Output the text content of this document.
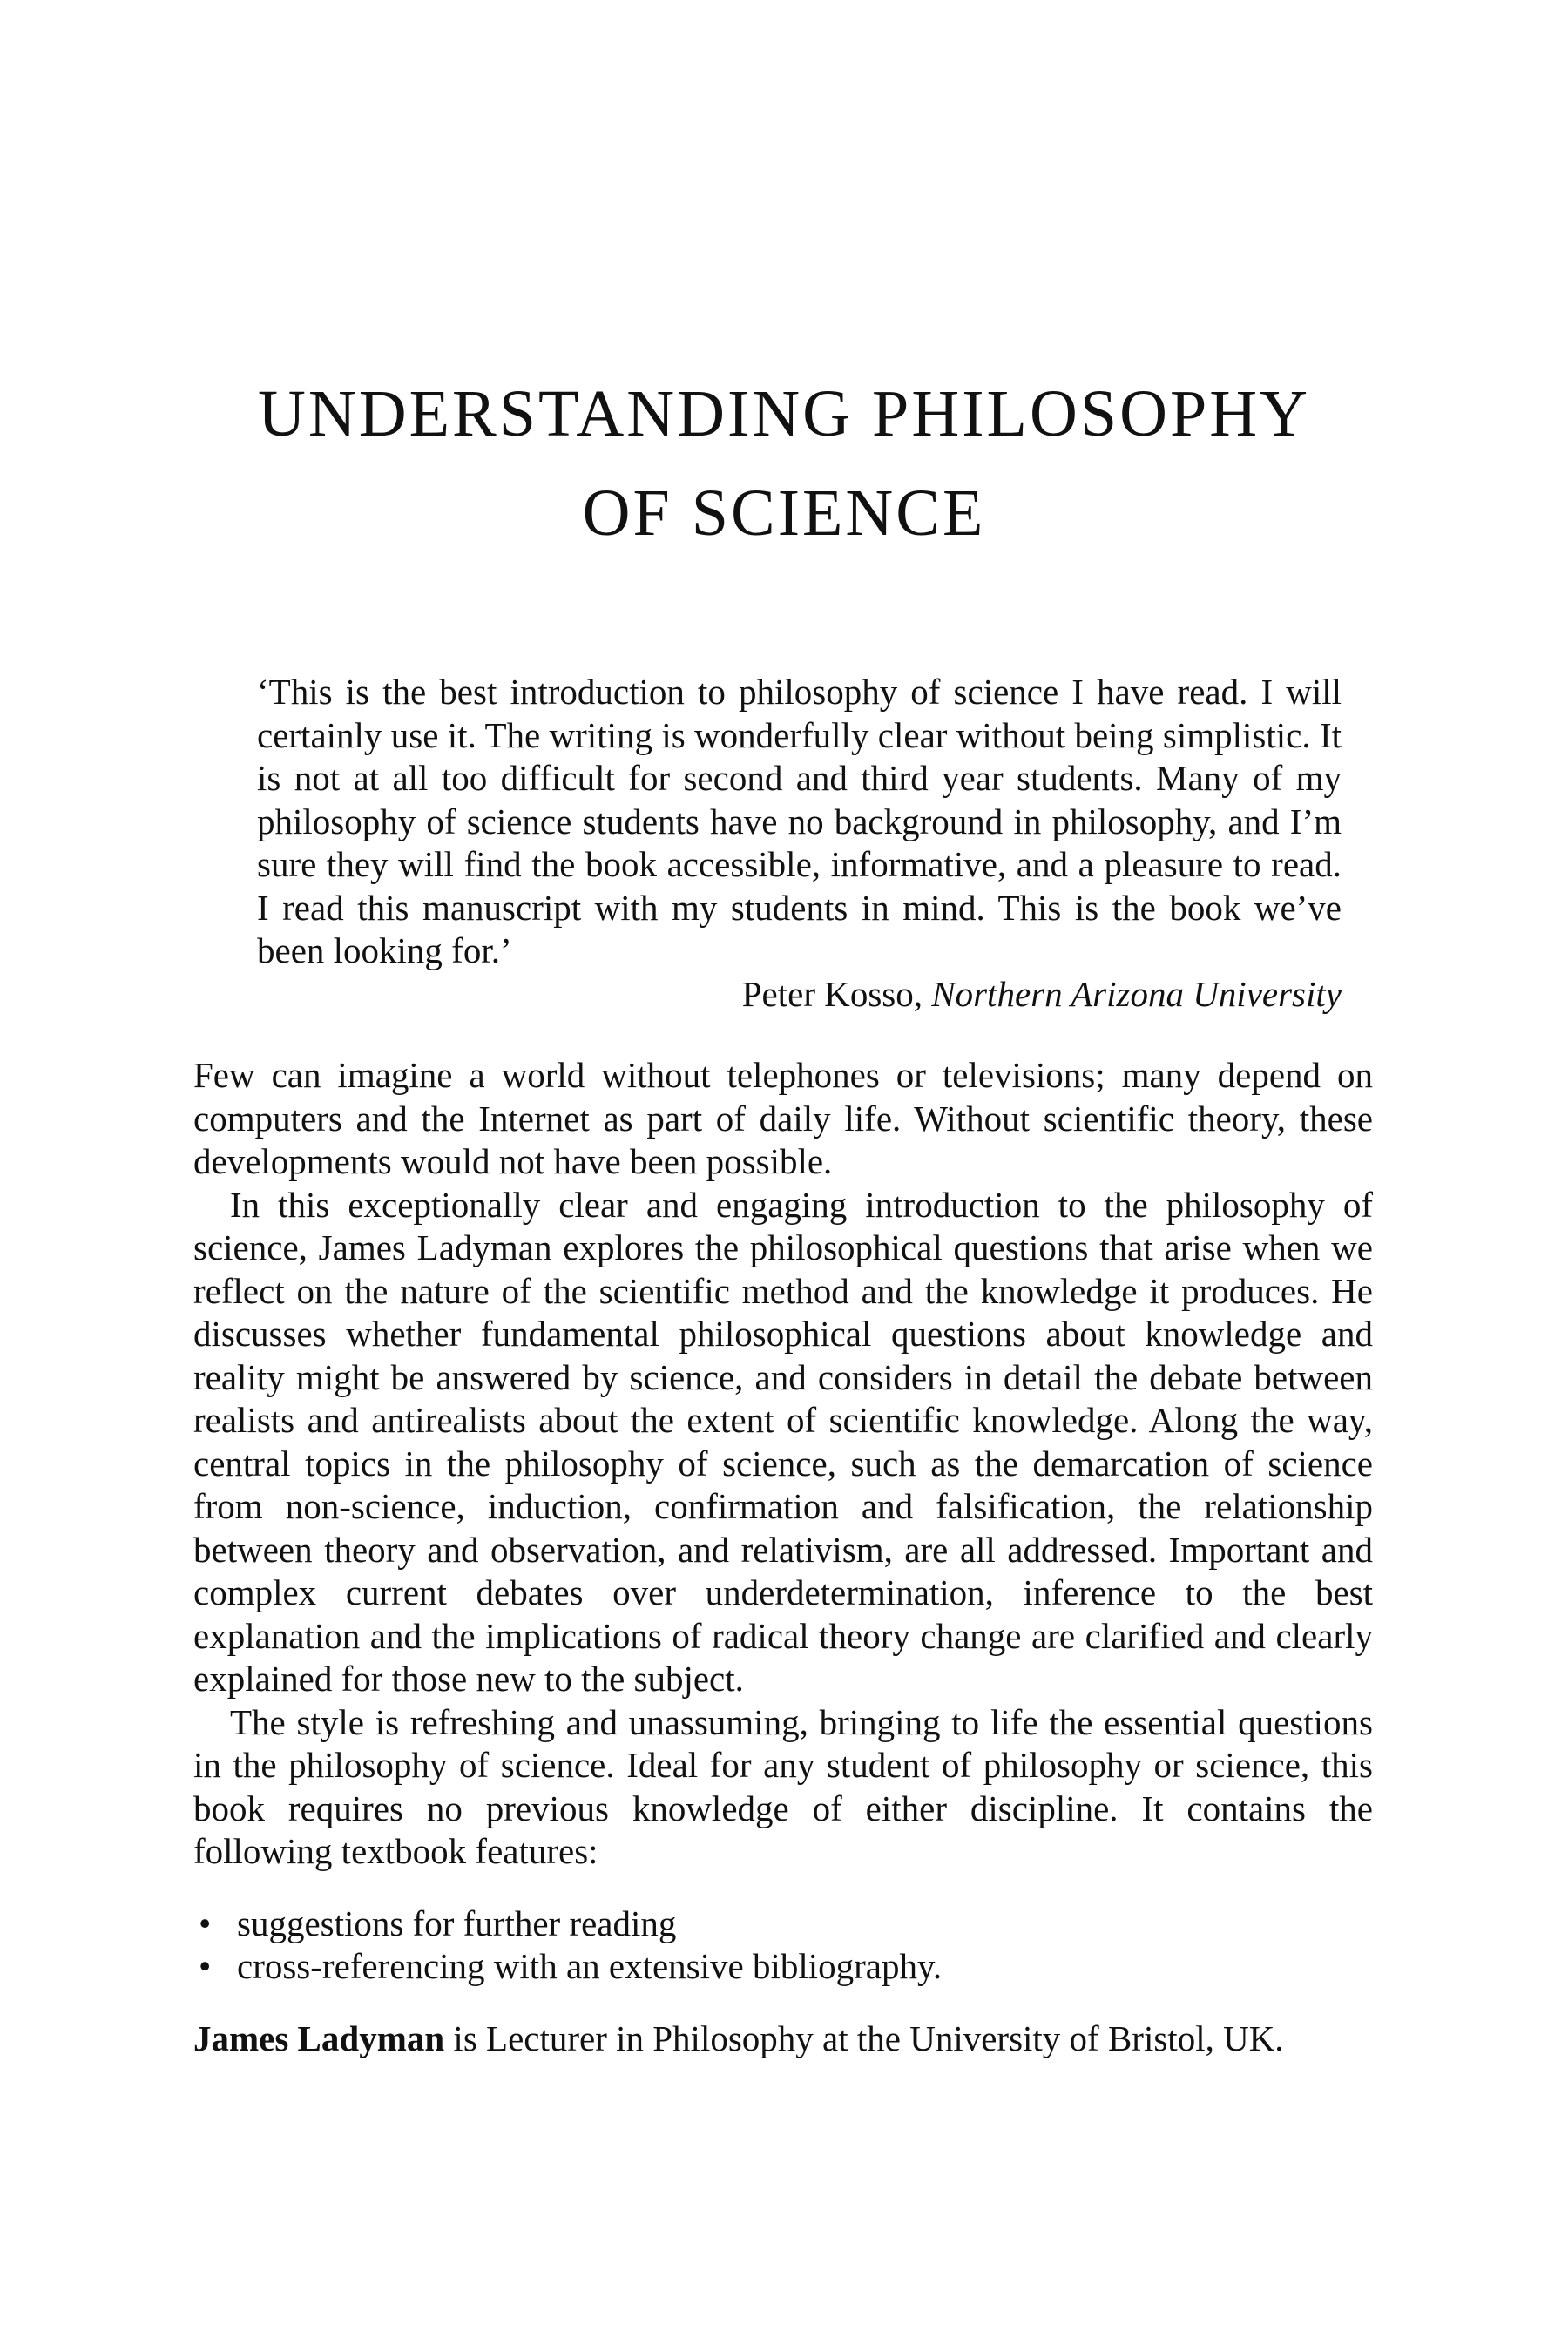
UNDERSTANDING PHILOSOPHY
OF SCIENCE

‘This is the best introduction to philosophy of science I have read. I will certainly use it. The writing is wonderfully clear without being simplistic. It is not at all too difficult for second and third year students. Many of my philosophy of science students have no background in philosophy, and I’m sure they will find the book accessible, informative, and a pleasure to read. I read this manuscript with my students in mind. This is the book we’ve been looking for.’

Peter Kosso, Northern Arizona University

Few can imagine a world without telephones or televisions; many depend on computers and the Internet as part of daily life. Without scientific theory, these developments would not have been possible.

In this exceptionally clear and engaging introduction to the philosophy of science, James Ladyman explores the philosophical questions that arise when we reflect on the nature of the scientific method and the knowledge it produces. He discusses whether fundamental philosophical questions about knowledge and reality might be answered by science, and considers in detail the debate between realists and antirealists about the extent of scientific knowledge. Along the way, central topics in the philosophy of science, such as the demarcation of science from non-science, induction, confirmation and falsification, the relationship between theory and observation, and relativism, are all addressed. Important and complex current debates over underdetermination, inference to the best explanation and the implications of radical theory change are clarified and clearly explained for those new to the subject.

The style is refreshing and unassuming, bringing to life the essential questions in the philosophy of science. Ideal for any student of philosophy or science, this book requires no previous knowledge of either discipline. It contains the following textbook features:

• suggestions for further reading
• cross-referencing with an extensive bibliography.

James Ladyman is Lecturer in Philosophy at the University of Bristol, UK.
